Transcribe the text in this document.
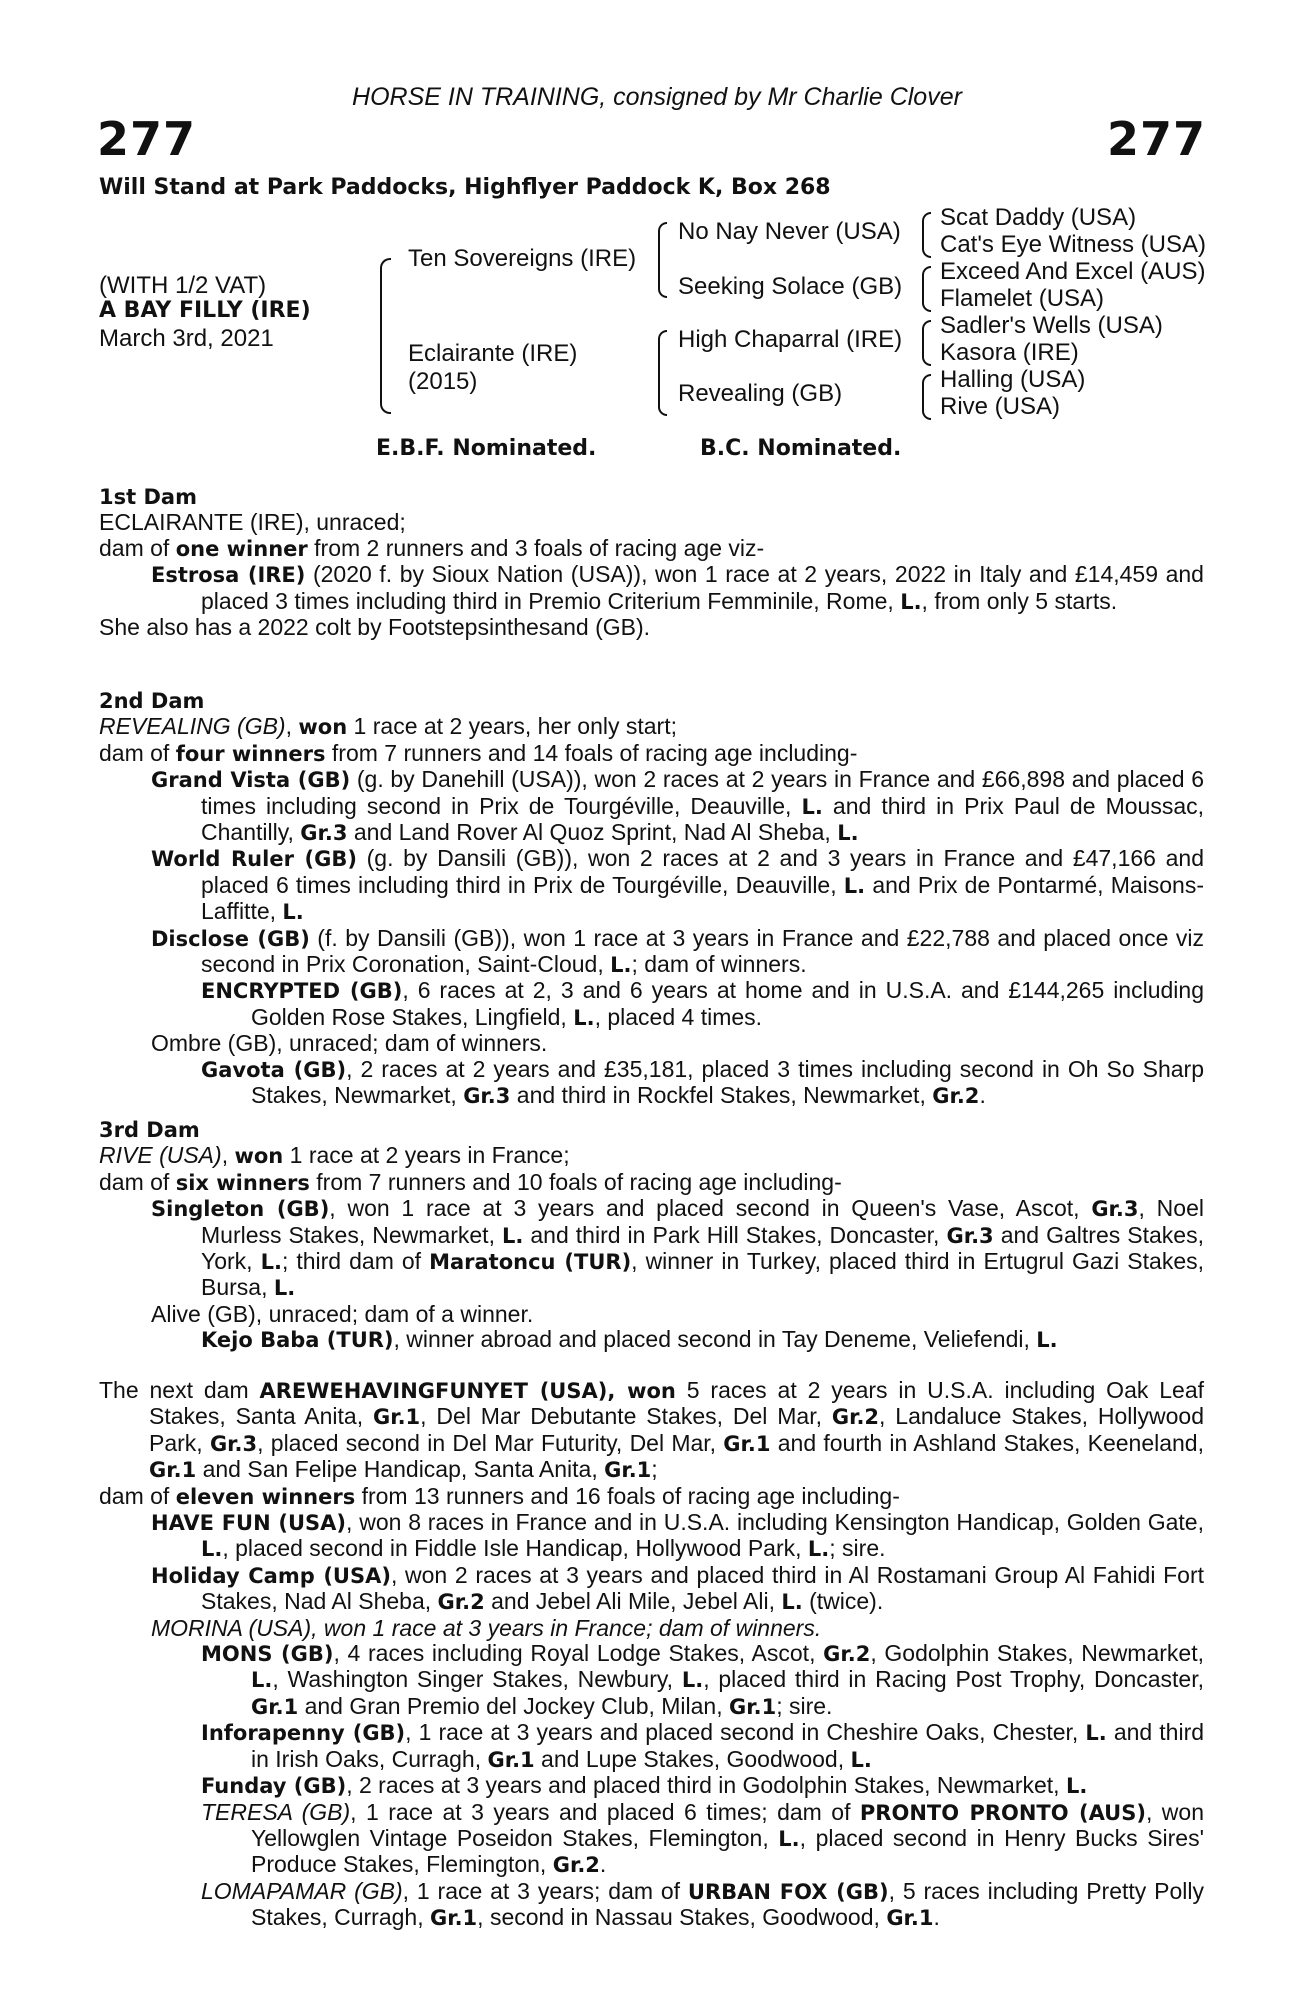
HORSE IN TRAINING, consigned by Mr Charlie Clover
277	277
Will Stand at Park Paddocks, Highflyer Paddock K, Box 268
(WITH 1/2 VAT)
A BAY FILLY (IRE)
March 3rd, 2021
Ten Sovereigns (IRE)
Eclairante (IRE)
(2015)
No Nay Never (USA)
Seeking Solace (GB)
High Chaparral (IRE)
Revealing (GB)
Scat Daddy (USA)
Cat's Eye Witness (USA)
Exceed And Excel (AUS)
Flamelet (USA)
Sadler's Wells (USA)
Kasora (IRE)
Halling (USA)
Rive (USA)
E.B.F. Nominated.	B.C. Nominated.

1st Dam

ECLAIRANTE (IRE), unraced;

dam of one winner from 2 runners and 3 foals of racing age viz-

Estrosa (IRE) (2020 f. by Sioux Nation (USA)), won 1 race at 2 years, 2022 in Italy and £14,459 and placed 3 times including third in Premio Criterium Femminile, Rome, L., from only 5 starts.

She also has a 2022 colt by Footstepsinthesand (GB).

2nd Dam

REVEALING (GB), won 1 race at 2 years, her only start;

dam of four winners from 7 runners and 14 foals of racing age including-

Grand Vista (GB) (g. by Danehill (USA)), won 2 races at 2 years in France and £66,898 and placed 6 times including second in Prix de Tourgéville, Deauville, L. and third in Prix Paul de Moussac, Chantilly, Gr.3 and Land Rover Al Quoz Sprint, Nad Al Sheba, L.

World Ruler (GB) (g. by Dansili (GB)), won 2 races at 2 and 3 years in France and £47,166 and placed 6 times including third in Prix de Tourgéville, Deauville, L. and Prix de Pontarmé, Maisons-Laffitte, L.

Disclose (GB) (f. by Dansili (GB)), won 1 race at 3 years in France and £22,788 and placed once viz second in Prix Coronation, Saint-Cloud, L.; dam of winners.

ENCRYPTED (GB), 6 races at 2, 3 and 6 years at home and in U.S.A. and £144,265 including Golden Rose Stakes, Lingfield, L., placed 4 times.

Ombre (GB), unraced; dam of winners.

Gavota (GB), 2 races at 2 years and £35,181, placed 3 times including second in Oh So Sharp Stakes, Newmarket, Gr.3 and third in Rockfel Stakes, Newmarket, Gr.2.

3rd Dam

RIVE (USA), won 1 race at 2 years in France;

dam of six winners from 7 runners and 10 foals of racing age including-

Singleton (GB), won 1 race at 3 years and placed second in Queen's Vase, Ascot, Gr.3, Noel Murless Stakes, Newmarket, L. and third in Park Hill Stakes, Doncaster, Gr.3 and Galtres Stakes, York, L.; third dam of Maratoncu (TUR), winner in Turkey, placed third in Ertugrul Gazi Stakes, Bursa, L.

Alive (GB), unraced; dam of a winner.

Kejo Baba (TUR), winner abroad and placed second in Tay Deneme, Veliefendi, L.

The next dam AREWEHAVINGFUNYET (USA), won 5 races at 2 years in U.S.A. including Oak Leaf Stakes, Santa Anita, Gr.1, Del Mar Debutante Stakes, Del Mar, Gr.2, Landaluce Stakes, Hollywood Park, Gr.3, placed second in Del Mar Futurity, Del Mar, Gr.1 and fourth in Ashland Stakes, Keeneland, Gr.1 and San Felipe Handicap, Santa Anita, Gr.1;

dam of eleven winners from 13 runners and 16 foals of racing age including-

HAVE FUN (USA), won 8 races in France and in U.S.A. including Kensington Handicap, Golden Gate, L., placed second in Fiddle Isle Handicap, Hollywood Park, L.; sire.

Holiday Camp (USA), won 2 races at 3 years and placed third in Al Rostamani Group Al Fahidi Fort Stakes, Nad Al Sheba, Gr.2 and Jebel Ali Mile, Jebel Ali, L. (twice).

MORINA (USA), won 1 race at 3 years in France; dam of winners.

MONS (GB), 4 races including Royal Lodge Stakes, Ascot, Gr.2, Godolphin Stakes, Newmarket, L., Washington Singer Stakes, Newbury, L., placed third in Racing Post Trophy, Doncaster, Gr.1 and Gran Premio del Jockey Club, Milan, Gr.1; sire.

Inforapenny (GB), 1 race at 3 years and placed second in Cheshire Oaks, Chester, L. and third in Irish Oaks, Curragh, Gr.1 and Lupe Stakes, Goodwood, L.

Funday (GB), 2 races at 3 years and placed third in Godolphin Stakes, Newmarket, L.

TERESA (GB), 1 race at 3 years and placed 6 times; dam of PRONTO PRONTO (AUS), won Yellowglen Vintage Poseidon Stakes, Flemington, L., placed second in Henry Bucks Sires' Produce Stakes, Flemington, Gr.2.

LOMAPAMAR (GB), 1 race at 3 years; dam of URBAN FOX (GB), 5 races including Pretty Polly Stakes, Curragh, Gr.1, second in Nassau Stakes, Goodwood, Gr.1.
